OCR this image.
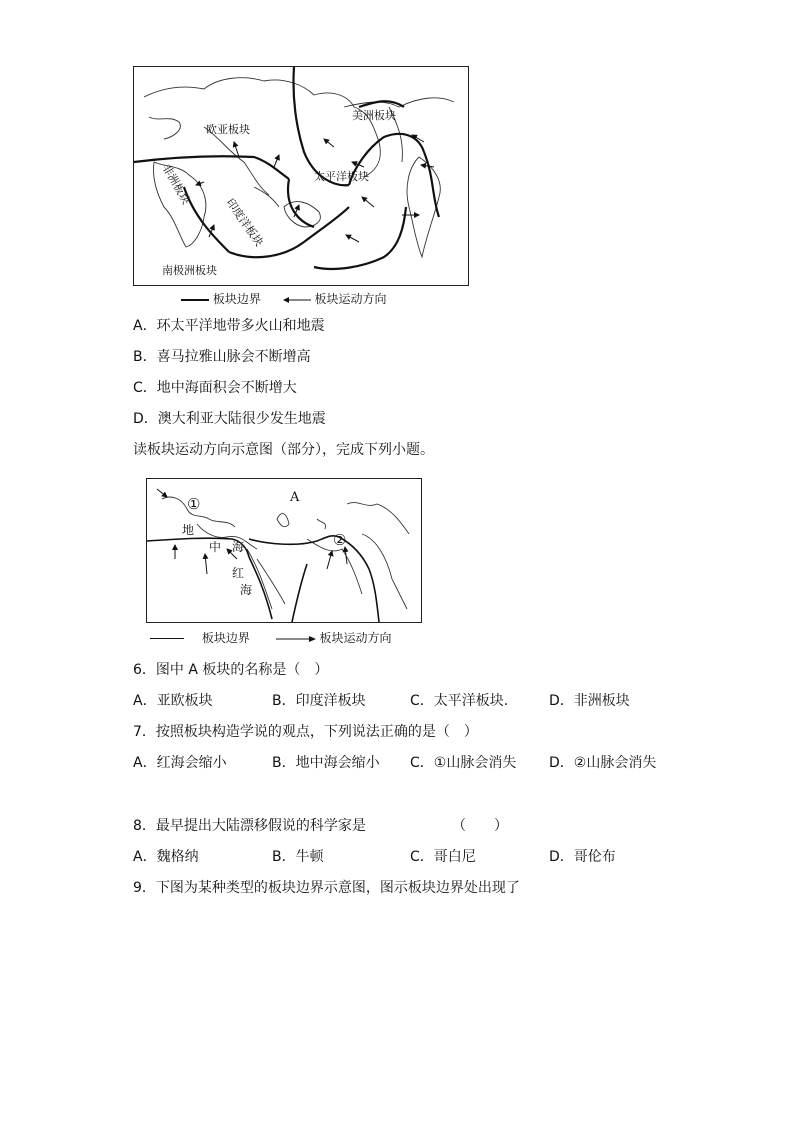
欧亚板块
美洲板块
太平洋板块
南极洲板块
非洲板块
印度洋板块
板块边界	板块运动方向
A．环太平洋地带多火山和地震
B．喜马拉雅山脉会不断增高
C．地中海面积会不断增大
D．澳大利亚大陆很少发生地震
读板块运动方向示意图（部分），完成下列小题。
A
①
②
地
中 海
红
海
板块边界	板块运动方向
6．图中 A 板块的名称是（　）
A．亚欧板块	B．印度洋板块	C．太平洋板块.	D．非洲板块
7．按照板块构造学说的观点，下列说法正确的是（　）
A．红海会缩小	B．地中海会缩小 C．①山脉会消失 D．②山脉会消失
8．最早提出大陆漂移假说的科学家是	（　　）
A．魏格纳	B．牛顿	C．哥白尼	D．哥伦布
9．下图为某种类型的板块边界示意图，图示板块边界处出现了
